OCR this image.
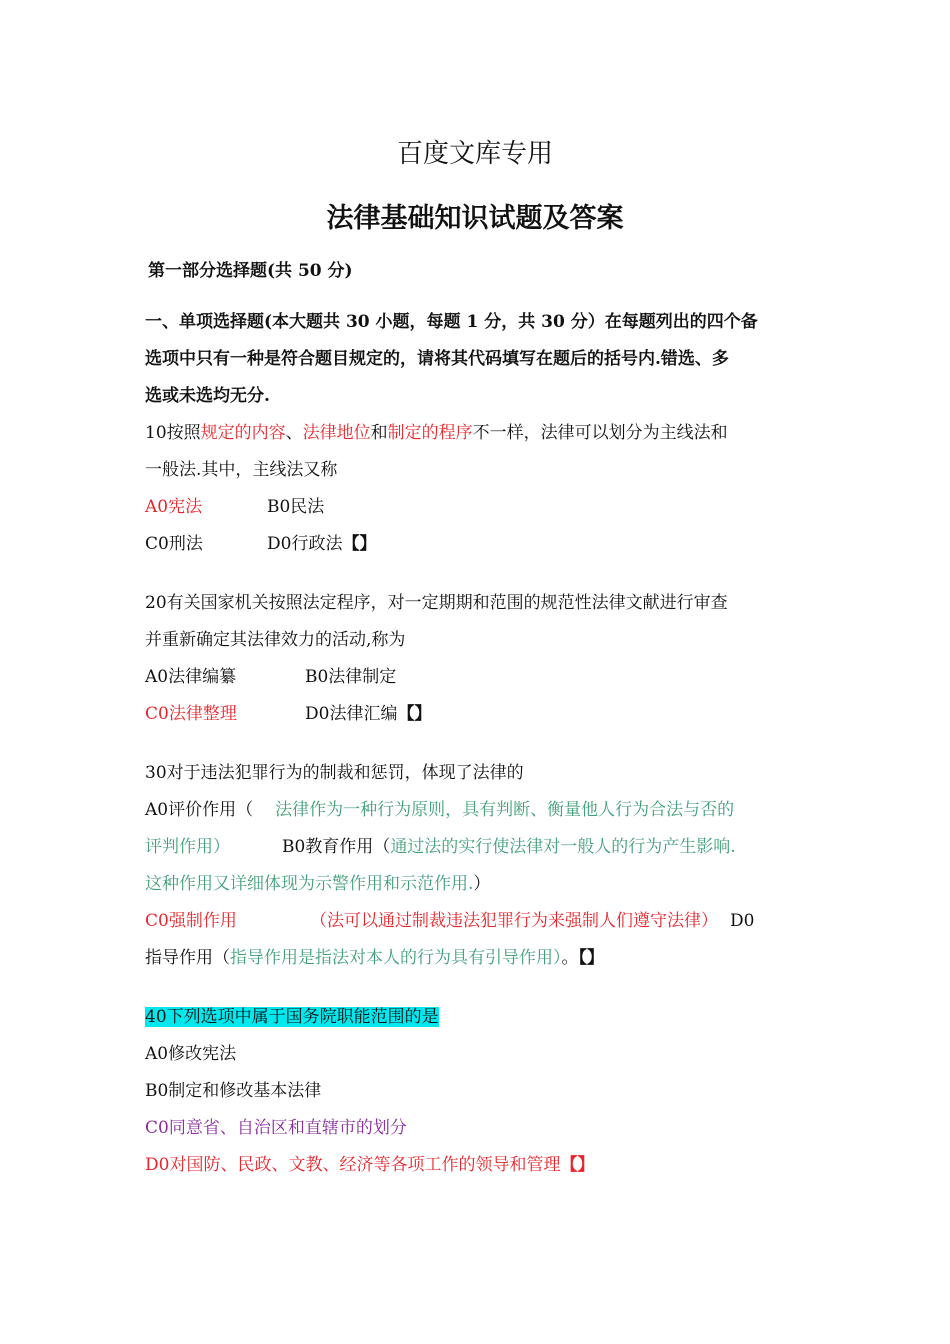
百度文库专用
法律基础知识试题及答案
第一部分选择题(共 50 分)
一、单项选择题(本大题共 30 小题，每题 1 分，共 30 分）在每题列出的四个备
选项中只有一种是符合题目规定的，请将其代码填写在题后的括号内.错选、多
选或未选均无分.
10按照规定的内容、法律地位和制定的程序不一样，法律可以划分为主线法和
一般法.其中，主线法又称
A0宪法	B0民法
C0刑法	D0行政法【】
20有关国家机关按照法定程序，对一定期期和范围的规范性法律文献进行审查
并重新确定其法律效力的活动,称为
A0法律编纂	B0法律制定
C0法律整理	D0法律汇编【】
30对于违法犯罪行为的制裁和惩罚，体现了法律的
A0评价作用（ 法律作为一种行为原则，具有判断、衡量他人行为合法与否的
评判作用）	B0教育作用（通过法的实行使法律对一般人的行为产生影响.
这种作用又详细体现为示警作用和示范作用.）
C0强制作用	（法可以通过制裁违法犯罪行为来强制人们遵守法律） D0
指导作用（指导作用是指法对本人的行为具有引导作用）。【】
40下列选项中属于国务院职能范围的是
A0修改宪法
B0制定和修改基本法律
C0同意省、自治区和直辖市的划分
D0对国防、民政、文教、经济等各项工作的领导和管理【】
